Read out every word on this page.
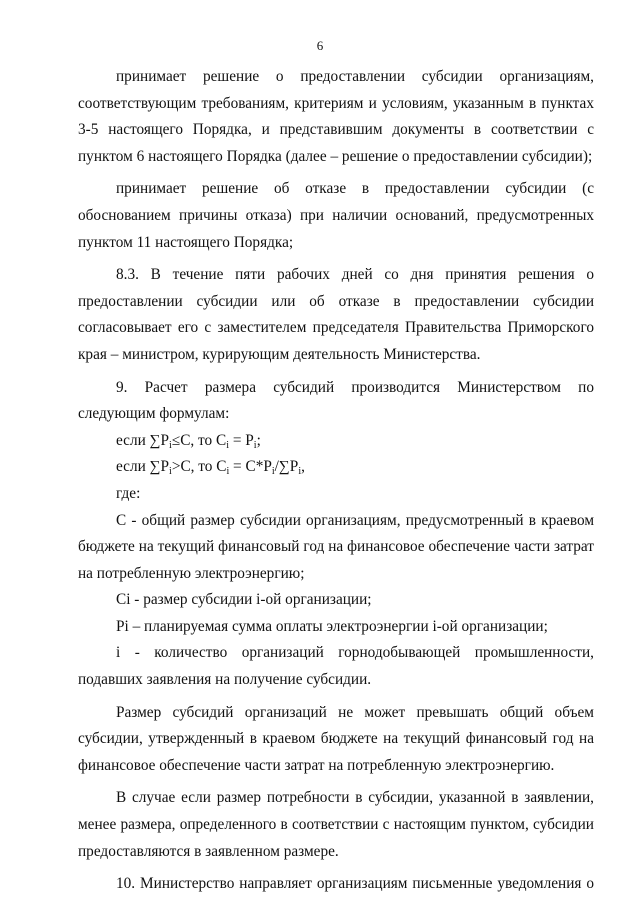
6

принимает решение о предоставлении субсидии организациям, соответствующим требованиям, критериям и условиям, указанным в пунктах 3-5 настоящего Порядка, и представившим документы в соответствии с пунктом 6 настоящего Порядка (далее – решение о предоставлении субсидии);

принимает решение об отказе в предоставлении субсидии (с обоснованием причины отказа) при наличии оснований, предусмотренных пунктом 11 настоящего Порядка;

8.3. В течение пяти рабочих дней со дня принятия решения о предоставлении субсидии или об отказе в предоставлении субсидии согласовывает его с заместителем председателя Правительства Приморского края – министром, курирующим деятельность Министерства.

9. Расчет размера субсидий производится Министерством по следующим формулам:

если $\sum P_i\le C$, то $C_i = P_i$;

если $\sum P_i>C$, то $C_i = C*P_i/\sum P_i$,

где:

С - общий размер субсидии организациям, предусмотренный в краевом бюджете на текущий финансовый год на финансовое обеспечение части затрат на потребленную электроэнергию;

Сi - размер субсидии i-ой организации;

Рi – планируемая сумма оплаты электроэнергии i-ой организации;

i - количество организаций горнодобывающей промышленности, подавших заявления на получение субсидии.

Размер субсидий организаций не может превышать общий объем субсидии, утвержденный в краевом бюджете на текущий финансовый год на финансовое обеспечение части затрат на потребленную электроэнергию.

В случае если размер потребности в субсидии, указанной в заявлении, менее размера, определенного в соответствии с настоящим пунктом, субсидии предоставляются в заявленном размере.

10. Министерство направляет организациям письменные уведомления о
